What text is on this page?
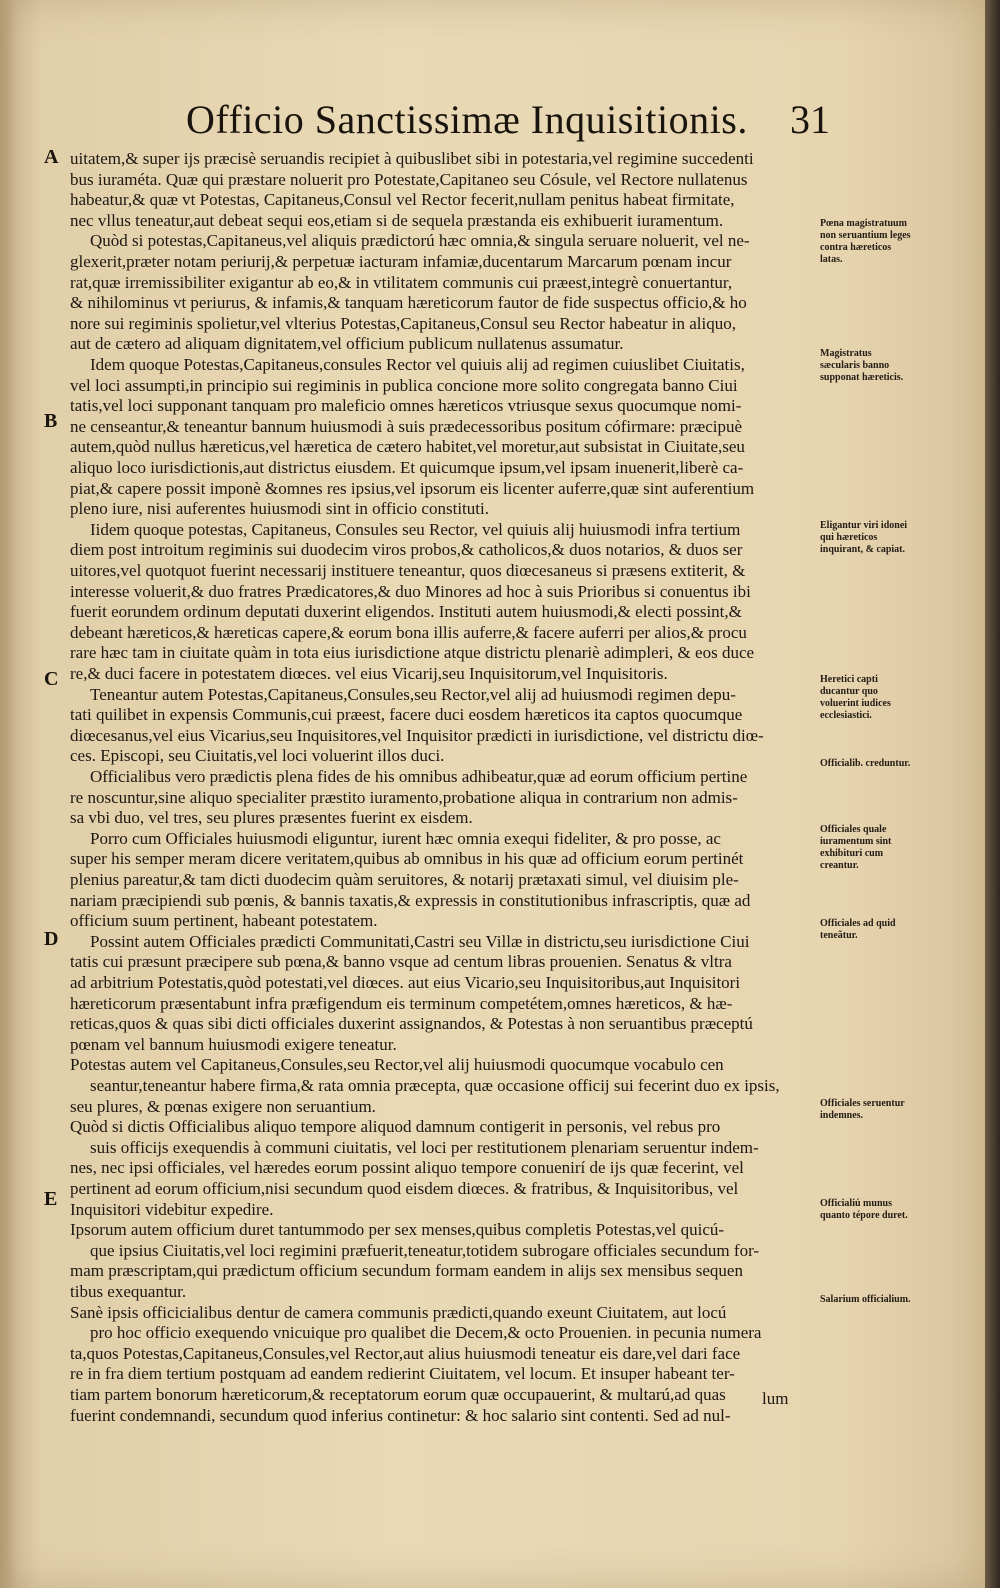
Officio Sanctissimæ Inquisitionis.	31
A
B
C
D
E
uitatem,& super ijs præcisè seruandis recipiet à quibuslibet sibi in potestaria,vel regimine succedenti
bus iuraméta. Quæ qui præstare noluerit pro Potestate,Capitaneo seu Cósule, vel Rectore nullatenus
habeatur,& quæ vt Potestas, Capitaneus,Consul vel Rector fecerit,nullam penitus habeat firmitate,
nec vllus teneatur,aut debeat sequi eos,etiam si de sequela præstanda eis exhibuerit iuramentum.
Quòd si potestas,Capitaneus,vel aliquis prædictorú hæc omnia,& singula seruare noluerit, vel ne-
glexerit,præter notam periurij,& perpetuæ iacturam infamiæ,ducentarum Marcarum pœnam incur
rat,quæ irremissibiliter exigantur ab eo,& in vtilitatem communis cui præest,integrè conuertantur,
& nihilominus vt periurus, & infamis,& tanquam hæreticorum fautor de fide suspectus officio,& ho
nore sui regiminis spolietur,vel vlterius Potestas,Capitaneus,Consul seu Rector habeatur in aliquo,
aut de cætero ad aliquam dignitatem,vel officium publicum nullatenus assumatur.
Idem quoque Potestas,Capitaneus,consules Rector vel quiuis alij ad regimen cuiuslibet Ciuitatis,
vel loci assumpti,in principio sui regiminis in publica concione more solito congregata banno Ciui
tatis,vel loci supponant tanquam pro maleficio omnes hæreticos vtriusque sexus quocumque nomi-
ne censeantur,& teneantur bannum huiusmodi à suis prædecessoribus positum cófirmare: præcipuè
autem,quòd nullus hæreticus,vel hæretica de cætero habitet,vel moretur,aut subsistat in Ciuitate,seu
aliquo loco iurisdictionis,aut districtus eiusdem. Et quicumque ipsum,vel ipsam inuenerit,liberè ca-
piat,& capere possit imponè &omnes res ipsius,vel ipsorum eis licenter auferre,quæ sint auferentium
pleno iure, nisi auferentes huiusmodi sint in officio constituti.
Iidem quoque potestas, Capitaneus, Consules seu Rector, vel quiuis alij huiusmodi infra tertium
diem post introitum regiminis sui duodecim viros probos,& catholicos,& duos notarios, & duos ser
uitores,vel quotquot fuerint necessarij instituere teneantur, quos diœcesaneus si præsens extiterit, &
interesse voluerit,& duo fratres Prædicatores,& duo Minores ad hoc à suis Prioribus si conuentus ibi
fuerit eorundem ordinum deputati duxerint eligendos. Instituti autem huiusmodi,& electi possint,&
debeant hæreticos,& hæreticas capere,& eorum bona illis auferre,& facere auferri per alios,& procu
rare hæc tam in ciuitate quàm in tota eius iurisdictione atque districtu plenariè adimpleri, & eos duce
re,& duci facere in potestatem diœces. vel eius Vicarij,seu Inquisitorum,vel Inquisitoris.
Teneantur autem Potestas,Capitaneus,Consules,seu Rector,vel alij ad huiusmodi regimen depu-
tati quilibet in expensis Communis,cui præest, facere duci eosdem hæreticos ita captos quocumque
diœcesanus,vel eius Vicarius,seu Inquisitores,vel Inquisitor prædicti in iurisdictione, vel districtu diœ-
ces. Episcopi, seu Ciuitatis,vel loci voluerint illos duci.
Officialibus vero prædictis plena fides de his omnibus adhibeatur,quæ ad eorum officium pertine
re noscuntur,sine aliquo specialiter præstito iuramento,probatione aliqua in contrarium non admis-
sa vbi duo, vel tres, seu plures præsentes fuerint ex eisdem.
Porro cum Officiales huiusmodi eliguntur, iurent hæc omnia exequi fideliter, & pro posse, ac
super his semper meram dicere veritatem,quibus ab omnibus in his quæ ad officium eorum pertinét
plenius pareatur,& tam dicti duodecim quàm seruitores, & notarij prætaxati simul, vel diuisim ple-
nariam præcipiendi sub pœnis, & bannis taxatis,& expressis in constitutionibus infrascriptis, quæ ad
officium suum pertinent, habeant potestatem.
Possint autem Officiales prædicti Communitati,Castri seu Villæ in districtu,seu iurisdictione Ciui
tatis cui præsunt præcipere sub pœna,& banno vsque ad centum libras prouenien. Senatus & vltra
ad arbitrium Potestatis,quòd potestati,vel diœces. aut eius Vicario,seu Inquisitoribus,aut Inquisitori
hæreticorum præsentabunt infra præfigendum eis terminum competétem,omnes hæreticos, & hæ-
reticas,quos & quas sibi dicti officiales duxerint assignandos, & Potestas à non seruantibus præceptú
pœnam vel bannum huiusmodi exigere teneatur.
Potestas autem vel Capitaneus,Consules,seu Rector,vel alij huiusmodi quocumque vocabulo cen
seantur,teneantur habere firma,& rata omnia præcepta, quæ occasione officij sui fecerint duo ex ipsis,
seu plures, & pœnas exigere non seruantium.
Quòd si dictis Officialibus aliquo tempore aliquod damnum contigerit in personis, vel rebus pro
suis officijs exequendis à communi ciuitatis, vel loci per restitutionem plenariam seruentur indem-
nes, nec ipsi officiales, vel hæredes eorum possint aliquo tempore conuenirí de ijs quæ fecerint, vel
pertinent ad eorum officium,nisi secundum quod eisdem diœces. & fratribus, & Inquisitoribus, vel
Inquisitori videbitur expedire.
Ipsorum autem officium duret tantummodo per sex menses,quibus completis Potestas,vel quicú-
que ipsius Ciuitatis,vel loci regimini præfuerit,teneatur,totidem subrogare officiales secundum for-
mam præscriptam,qui prædictum officium secundum formam eandem in alijs sex mensibus sequen
tibus exequantur.
Sanè ipsis officicialibus dentur de camera communis prædicti,quando exeunt Ciuitatem, aut locú
pro hoc officio exequendo vnicuique pro qualibet die Decem,& octo Prouenien. in pecunia numera
ta,quos Potestas,Capitaneus,Consules,vel Rector,aut alius huiusmodi teneatur eis dare,vel dari face
re in fra diem tertium postquam ad eandem redierint Ciuitatem, vel locum. Et insuper habeant ter-
tiam partem bonorum hæreticorum,& receptatorum eorum quæ occupauerint, & multarú,ad quas
fuerint condemnandi, secundum quod inferius continetur: & hoc salario sint contenti. Sed ad nul-
Pœna magistratuum non seruantium leges contra hæreticos latas.
Magistratus sæcularis banno supponat hæreticis.
Eligantur viri idonei qui hæreticos inquirant, & capiat.
Heretici capti ducantur quo voluerint iudices ecclesiastici.
Officialib. creduntur.
Officiales quale iuramentum sint exhibituri cum creantur.
Officiales ad quid teneãtur.
Officiales seruentur indemnes.
Officialiú munus quanto tépore duret.
Salarium officialium.
lum
